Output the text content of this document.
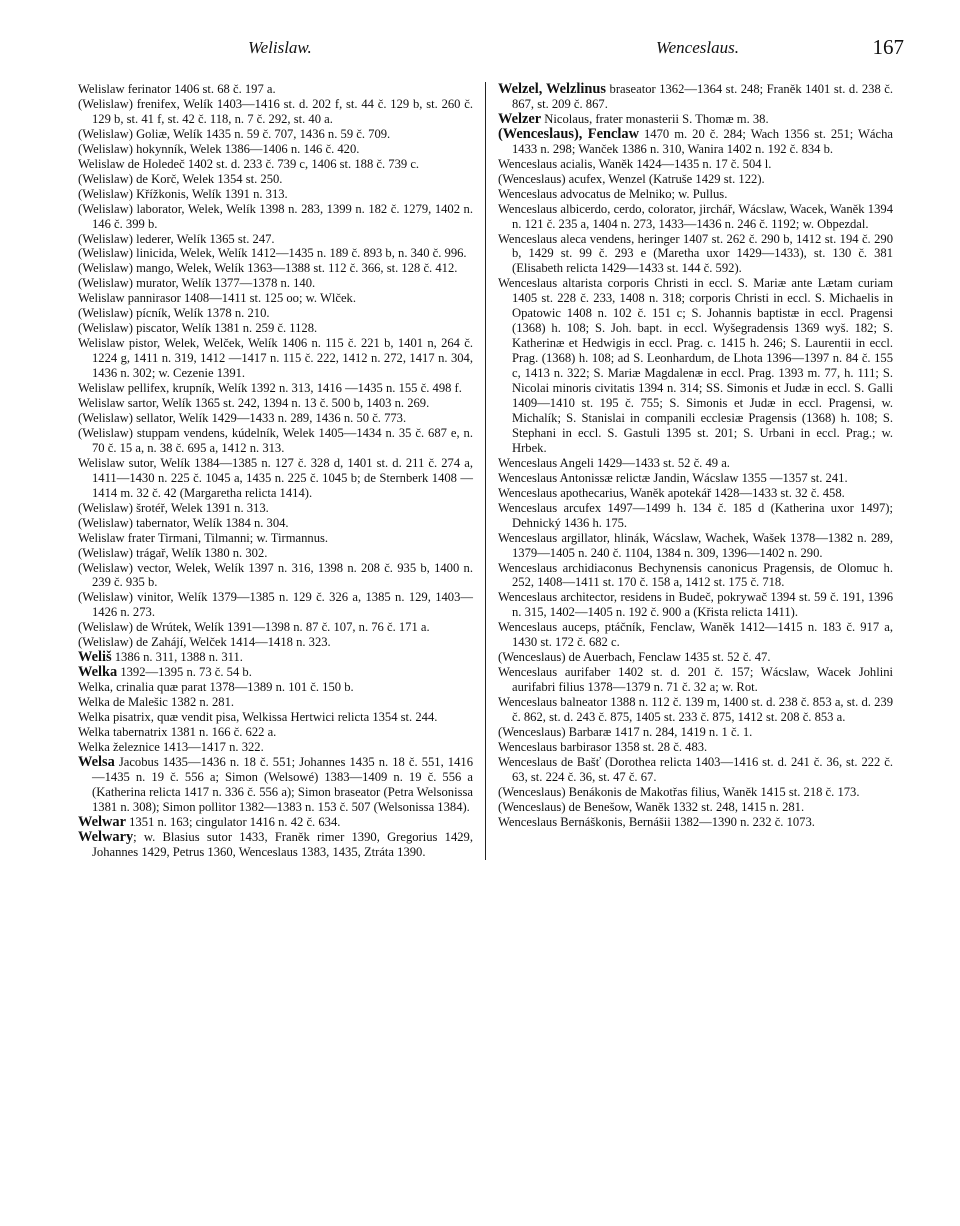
Welislaw.	Wenceslaus.	167

Welislaw ferinator 1406 st. 68 č. 197 a.

(Welislaw) frenifex, Welík 1403—1416 st. d. 202 f, st. 44 č. 129 b, st. 260 č. 129 b, st. 41 f, st. 42 č. 118, n. 7 č. 292, st. 40 a.

(Welislaw) Goliæ, Welík 1435 n. 59 č. 707, 1436 n. 59 č. 709.

(Welislaw) hokynník, Welek 1386—1406 n. 146 č. 420.

Welislaw de Holedeč 1402 st. d. 233 č. 739 c, 1406 st. 188 č. 739 c.

(Welislaw) de Korč, Welek 1354 st. 250.

(Welislaw) Křížkonis, Welík 1391 n. 313.

(Welislaw) laborator, Welek, Welík 1398 n. 283, 1399 n. 182 č. 1279, 1402 n. 146 č. 399 b.

(Welislaw) lederer, Welík 1365 st. 247.

(Welislaw) linicida, Welek, Welík 1412—1435 n. 189 č. 893 b, n. 340 č. 996.

(Welislaw) mango, Welek, Welík 1363—1388 st. 112 č. 366, st. 128 č. 412.

(Welislaw) murator, Welík 1377—1378 n. 140.

Welislaw pannirasor 1408—1411 st. 125 oo; w. Wlček.

(Welislaw) pícník, Welík 1378 n. 210.

(Welislaw) piscator, Welík 1381 n. 259 č. 1128.

Welislaw pistor, Welek, Welček, Welík 1406 n. 115 č. 221 b, 1401 n, 264 č. 1224 g, 1411 n. 319, 1412 —1417 n. 115 č. 222, 1412 n. 272, 1417 n. 304, 1436 n. 302; w. Cezenie 1391.

Welislaw pellifex, krupník, Welík 1392 n. 313, 1416 —1435 n. 155 č. 498 f.

Welislaw sartor, Welík 1365 st. 242, 1394 n. 13 č. 500 b, 1403 n. 269.

(Welislaw) sellator, Welík 1429—1433 n. 289, 1436 n. 50 č. 773.

(Welislaw) stuppam vendens, kúdelník, Welek 1405—1434 n. 35 č. 687 e, n. 70 č. 15 a, n. 38 č. 695 a, 1412 n. 313.

Welislaw sutor, Welík 1384—1385 n. 127 č. 328 d, 1401 st. d. 211 č. 274 a, 1411—1430 n. 225 č. 1045 a, 1435 n. 225 č. 1045 b; de Sternberk 1408 —1414 m. 32 č. 42 (Margaretha relicta 1414).

(Welislaw) šrotéř, Welek 1391 n. 313.

(Welislaw) tabernator, Welík 1384 n. 304.

Welislaw frater Tirmani, Tilmanni; w. Tirmannus.

(Welislaw) trágař, Welík 1380 n. 302.

(Welislaw) vector, Welek, Welík 1397 n. 316, 1398 n. 208 č. 935 b, 1400 n. 239 č. 935 b.

(Welislaw) vinitor, Welík 1379—1385 n. 129 č. 326 a, 1385 n. 129, 1403—1426 n. 273.

(Welislaw) de Wrútek, Welík 1391—1398 n. 87 č. 107, n. 76 č. 171 a.

(Welislaw) de Zahájí, Welček 1414—1418 n. 323.

Weliš 1386 n. 311, 1388 n. 311.

Welka 1392—1395 n. 73 č. 54 b.

Welka, crinalia quæ parat 1378—1389 n. 101 č. 150 b.

Welka de Malešic 1382 n. 281.

Welka pisatrix, quæ vendit pisa, Welkissa Hertwici relicta 1354 st. 244.

Welka tabernatrix 1381 n. 166 č. 622 a.

Welka železnice 1413—1417 n. 322.

Welsa Jacobus 1435—1436 n. 18 č. 551; Johannes 1435 n. 18 č. 551, 1416—1435 n. 19 č. 556 a; Simon (Welsowé) 1383—1409 n. 19 č. 556 a (Katherina relicta 1417 n. 336 č. 556 a); Simon braseator (Petra Welsonissa 1381 n. 308); Simon pollitor 1382—1383 n. 153 č. 507 (Welsonissa 1384).

Welwar 1351 n. 163; cingulator 1416 n. 42 č. 634.

Welwary; w. Blasius sutor 1433, Franěk rimer 1390, Gregorius 1429, Johannes 1429, Petrus 1360, Wenceslaus 1383, 1435, Ztráta 1390.

Welzel, Welzlinus braseator 1362—1364 st. 248; Franěk 1401 st. d. 238 č. 867, st. 209 č. 867.

Welzer Nicolaus, frater monasterii S. Thomæ m. 38.

(Wenceslaus), Fenclaw 1470 m. 20 č. 284; Wach 1356 st. 251; Wácha 1433 n. 298; Wanček 1386 n. 310, Wanira 1402 n. 192 č. 834 b.

Wenceslaus acialis, Waněk 1424—1435 n. 17 č. 504 l.

(Wenceslaus) acufex, Wenzel (Katruše 1429 st. 122).

Wenceslaus advocatus de Melniko; w. Pullus.

Wenceslaus albicerdo, cerdo, colorator, jirchář, Wácslaw, Wacek, Waněk 1394 n. 121 č. 235 a, 1404 n. 273, 1433—1436 n. 246 č. 1192; w. Obpezdal.

Wenceslaus aleca vendens, heringer 1407 st. 262 č. 290 b, 1412 st. 194 č. 290 b, 1429 st. 99 č. 293 e (Maretha uxor 1429—1433), st. 130 č. 381 (Elisabeth relicta 1429—1433 st. 144 č. 592).

Wenceslaus altarista corporis Christi in eccl. S. Mariæ ante Lætam curiam 1405 st. 228 č. 233, 1408 n. 318; corporis Christi in eccl. S. Michaelis in Opatowic 1408 n. 102 č. 151 c; S. Johannis baptistæ in eccl. Pragensi (1368) h. 108; S. Joh. bapt. in eccl. Wyšegradensis 1369 wyš. 182; S. Katherinæ et Hedwigis in eccl. Prag. c. 1415 h. 246; S. Laurentii in eccl. Prag. (1368) h. 108; ad S. Leonhardum, de Lhota 1396—1397 n. 84 č. 155 c, 1413 n. 322; S. Mariæ Magdalenæ in eccl. Prag. 1393 m. 77, h. 111; S. Nicolai minoris civitatis 1394 n. 314; SS. Simonis et Judæ in eccl. S. Galli 1409—1410 st. 195 č. 755; S. Simonis et Judæ in eccl. Pragensi, w. Michalík; S. Stanislai in companili ecclesiæ Pragensis (1368) h. 108; S. Stephani in eccl. S. Gastuli 1395 st. 201; S. Urbani in eccl. Prag.; w. Hrbek.

Wenceslaus Angeli 1429—1433 st. 52 č. 49 a.

Wenceslaus Antonissæ relictæ Jandin, Wácslaw 1355 —1357 st. 241.

Wenceslaus apothecarius, Waněk apotekář 1428—1433 st. 32 č. 458.

Wenceslaus arcufex 1497—1499 h. 134 č. 185 d (Katherina uxor 1497); Dehnický 1436 h. 175.

Wenceslaus argillator, hlinák, Wácslaw, Wachek, Wašek 1378—1382 n. 289, 1379—1405 n. 240 č. 1104, 1384 n. 309, 1396—1402 n. 290.

Wenceslaus archidiaconus Bechynensis canonicus Pragensis, de Olomuc h. 252, 1408—1411 st. 170 č. 158 a, 1412 st. 175 č. 718.

Wenceslaus architector, residens in Budeč, pokrywač 1394 st. 59 č. 191, 1396 n. 315, 1402—1405 n. 192 č. 900 a (Křista relicta 1411).

Wenceslaus auceps, ptáčník, Fenclaw, Waněk 1412—1415 n. 183 č. 917 a, 1430 st. 172 č. 682 c.

(Wenceslaus) de Auerbach, Fenclaw 1435 st. 52 č. 47.

Wenceslaus aurifaber 1402 st. d. 201 č. 157; Wácslaw, Wacek Johlini aurifabri filius 1378—1379 n. 71 č. 32 a; w. Rot.

Wenceslaus balneator 1388 n. 112 č. 139 m, 1400 st. d. 238 č. 853 a, st. d. 239 č. 862, st. d. 243 č. 875, 1405 st. 233 č. 875, 1412 st. 208 č. 853 a.

(Wenceslaus) Barbaræ 1417 n. 284, 1419 n. 1 č. 1.

Wenceslaus barbirasor 1358 st. 28 č. 483.

Wenceslaus de Bašť (Dorothea relicta 1403—1416 st. d. 241 č. 36, st. 222 č. 63, st. 224 č. 36, st. 47 č. 67.

(Wenceslaus) Benákonis de Makotřas filius, Waněk 1415 st. 218 č. 173.

(Wenceslaus) de Benešow, Waněk 1332 st. 248, 1415 n. 281.

Wenceslaus Bernáškonis, Bernášii 1382—1390 n. 232 č. 1073.
